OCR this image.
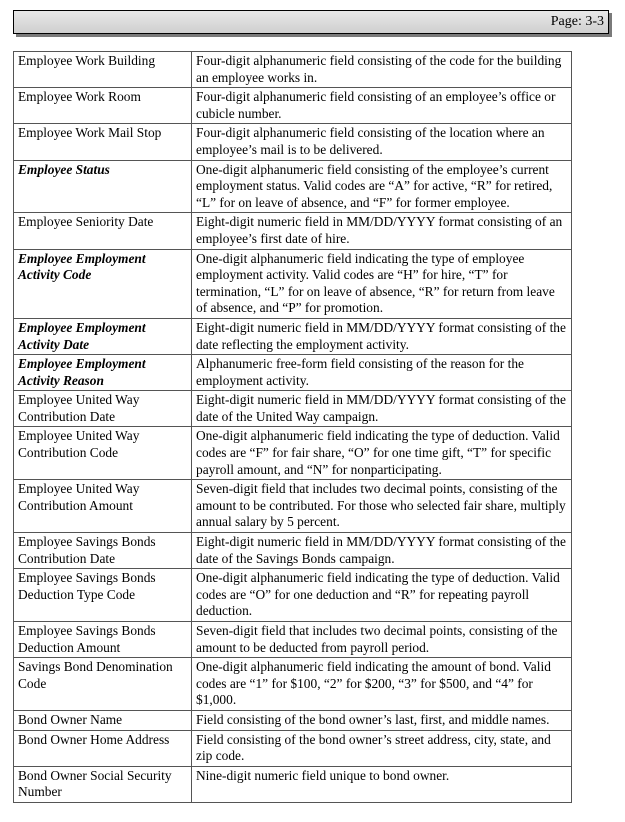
Page: 3-3
Employee Work Building	Four-digit alphanumeric field consisting of the code for the building an employee works in.
Employee Work Room	Four-digit alphanumeric field consisting of an employee’s office or cubicle number.
Employee Work Mail Stop	Four-digit alphanumeric field consisting of the location where an employee’s mail is to be delivered.
Employee Status	One-digit alphanumeric field consisting of the employee’s current employment status. Valid codes are “A” for active, “R” for retired, “L” for on leave of absence, and “F” for former employee.
Employee Seniority Date	Eight-digit numeric field in MM/DD/YYYY format consisting of an employee’s first date of hire.
Employee Employment Activity Code	One-digit alphanumeric field indicating the type of employee employment activity. Valid codes are “H” for hire, “T” for termination, “L” for on leave of absence, “R” for return from leave of absence, and “P” for promotion.
Employee Employment Activity Date	Eight-digit numeric field in MM/DD/YYYY format consisting of the date reflecting the employment activity.
Employee Employment Activity Reason	Alphanumeric free-form field consisting of the reason for the employment activity.
Employee United Way Contribution Date	Eight-digit numeric field in MM/DD/YYYY format consisting of the date of the United Way campaign.
Employee United Way Contribution Code	One-digit alphanumeric field indicating the type of deduction. Valid codes are “F” for fair share, “O” for one time gift, “T” for specific payroll amount, and “N” for nonparticipating.
Employee United Way Contribution Amount	Seven-digit field that includes two decimal points, consisting of the amount to be contributed. For those who selected fair share, multiply annual salary by 5 percent.
Employee Savings Bonds Contribution Date	Eight-digit numeric field in MM/DD/YYYY format consisting of the date of the Savings Bonds campaign.
Employee Savings Bonds Deduction Type Code	One-digit alphanumeric field indicating the type of deduction. Valid codes are “O” for one deduction and “R” for repeating payroll deduction.
Employee Savings Bonds Deduction Amount	Seven-digit field that includes two decimal points, consisting of the amount to be deducted from payroll period.
Savings Bond Denomination Code	One-digit alphanumeric field indicating the amount of bond. Valid codes are “1” for $100, “2” for $200, “3” for $500, and “4” for $1,000.
Bond Owner Name	Field consisting of the bond owner’s last, first, and middle names.
Bond Owner Home Address	Field consisting of the bond owner’s street address, city, state, and zip code.
Bond Owner Social Security Number	Nine-digit numeric field unique to bond owner.
